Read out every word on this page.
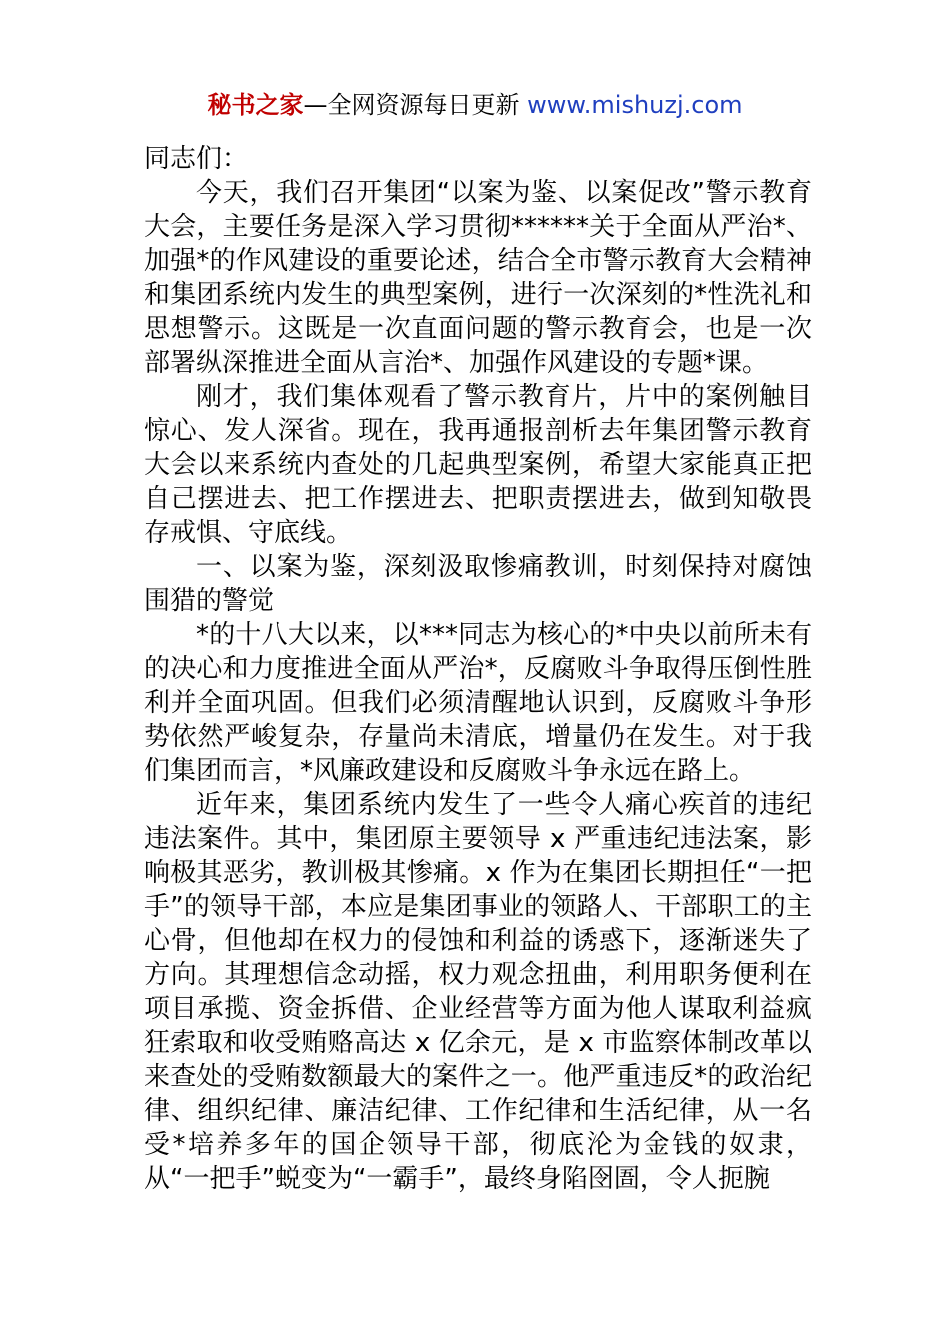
秘书之家—全网资源每日更新 www.mishuzj.com

同志们：

今天，我们召开集团“以案为鉴、以案促改”警示教育大会，主要任务是深入学习贯彻******关于全面从严治*、加强*的作风建设的重要论述，结合全市警示教育大会精神和集团系统内发生的典型案例，进行一次深刻的*性洗礼和思想警示。这既是一次直面问题的警示教育会，也是一次部署纵深推进全面从言治*、加强作风建设的专题*课。

刚才，我们集体观看了警示教育片，片中的案例触目惊心、发人深省。现在，我再通报剖析去年集团警示教育大会以来系统内查处的几起典型案例，希望大家能真正把自己摆进去、把工作摆进去、把职责摆进去，做到知敬畏存戒惧、守底线。

一、以案为鉴，深刻汲取惨痛教训，时刻保持对腐蚀围猎的警觉

*的十八大以来，以***同志为核心的*中央以前所未有的决心和力度推进全面从严治*，反腐败斗争取得压倒性胜利并全面巩固。但我们必须清醒地认识到，反腐败斗争形势依然严峻复杂，存量尚未清底，增量仍在发生。对于我们集团而言，*风廉政建设和反腐败斗争永远在路上。

近年来，集团系统内发生了一些令人痛心疾首的违纪违法案件。其中，集团原主要领导 x 严重违纪违法案，影响极其恶劣，教训极其惨痛。x 作为在集团长期担任“一把手”的领导干部，本应是集团事业的领路人、干部职工的主心骨，但他却在权力的侵蚀和利益的诱惑下，逐渐迷失了方向。其理想信念动摇，权力观念扭曲，利用职务便利在项目承揽、资金拆借、企业经营等方面为他人谋取利益疯狂索取和收受贿赂高达 x 亿余元，是 x 市监察体制改革以来查处的受贿数额最大的案件之一。他严重违反*的政治纪律、组织纪律、廉洁纪律、工作纪律和生活纪律，从一名受*培养多年的国企领导干部，彻底沦为金钱的奴隶，从“一把手”蜕变为“一霸手”，最终身陷囹圄，令人扼腕
